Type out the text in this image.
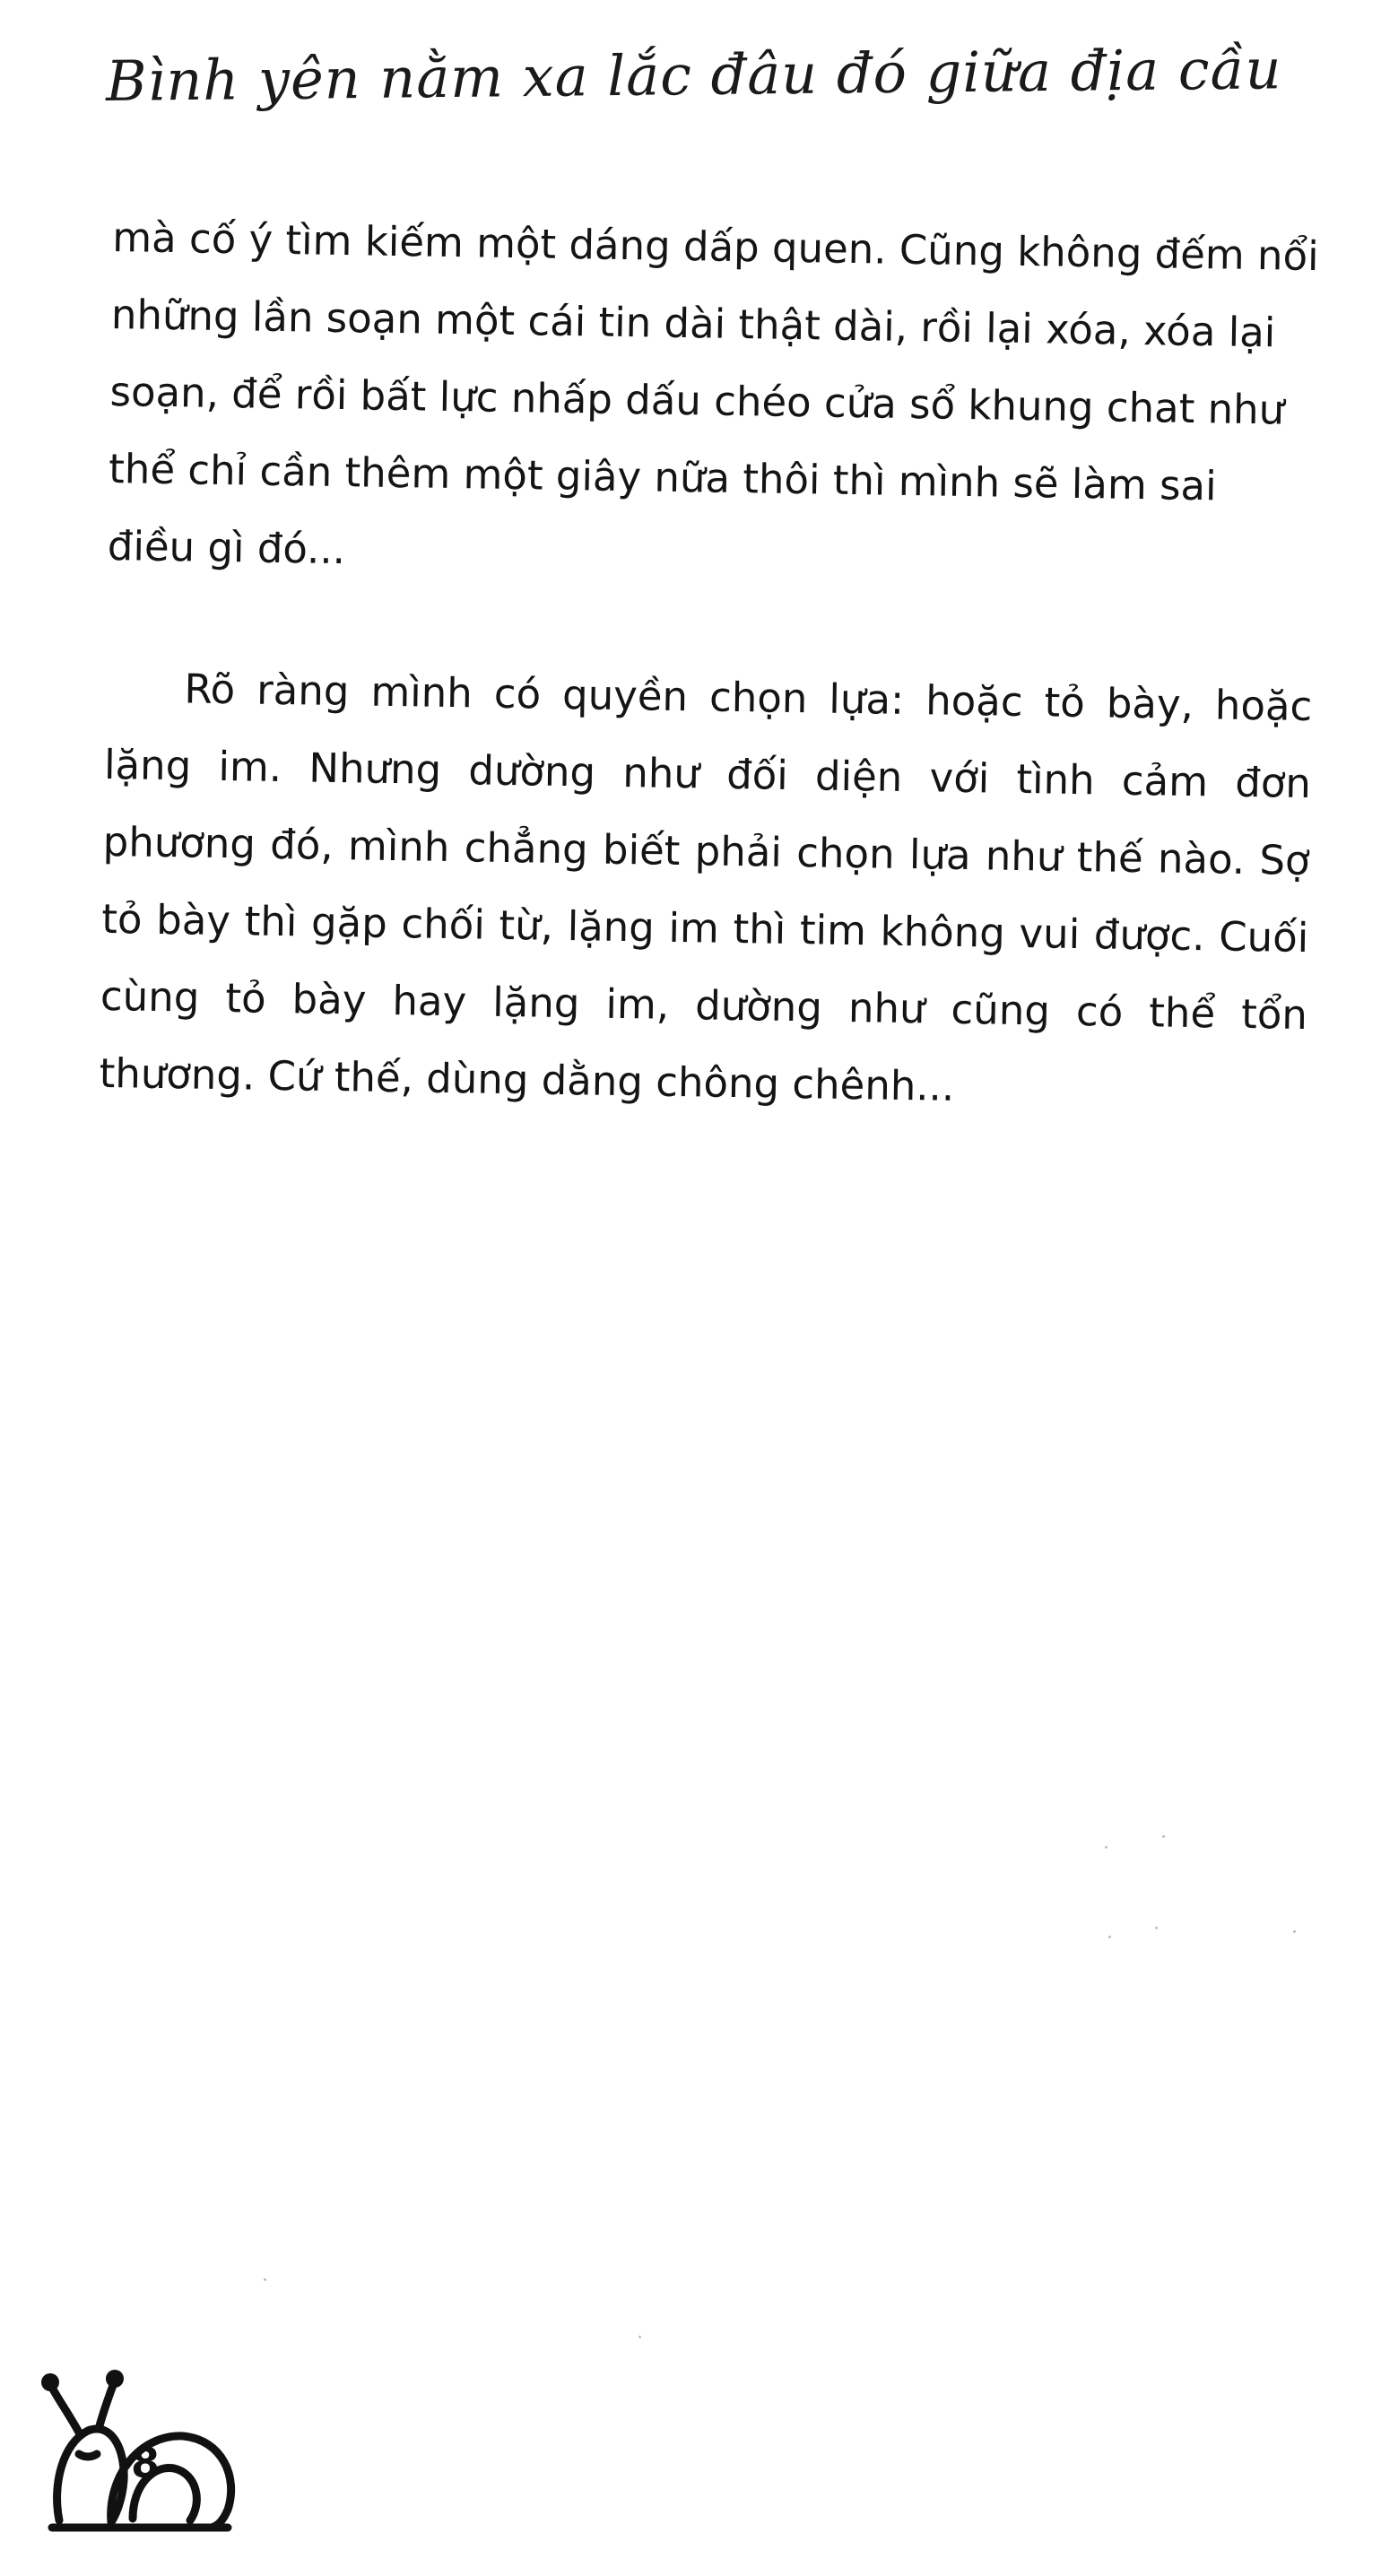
Bình yên nằm xa lắc đâu đó giữa địa cầu

mà cố ý tìm kiếm một dáng dấp quen. Cũng không đếm nổi những lần soạn một cái tin dài thật dài, rồi lại xóa, xóa lại soạn, để rồi bất lực nhấp dấu chéo cửa sổ khung chat như thể chỉ cần thêm một giây nữa thôi thì mình sẽ làm sai điều gì đó...

Rõ ràng mình có quyền chọn lựa: hoặc tỏ bày, hoặc lặng im. Nhưng dường như đối diện với tình cảm đơn phương đó, mình chẳng biết phải chọn lựa như thế nào. Sợ tỏ bày thì gặp chối từ, lặng im thì tim không vui được. Cuối cùng tỏ bày hay lặng im, dường như cũng có thể tổn thương. Cứ thế, dùng dằng chông chênh...

8
